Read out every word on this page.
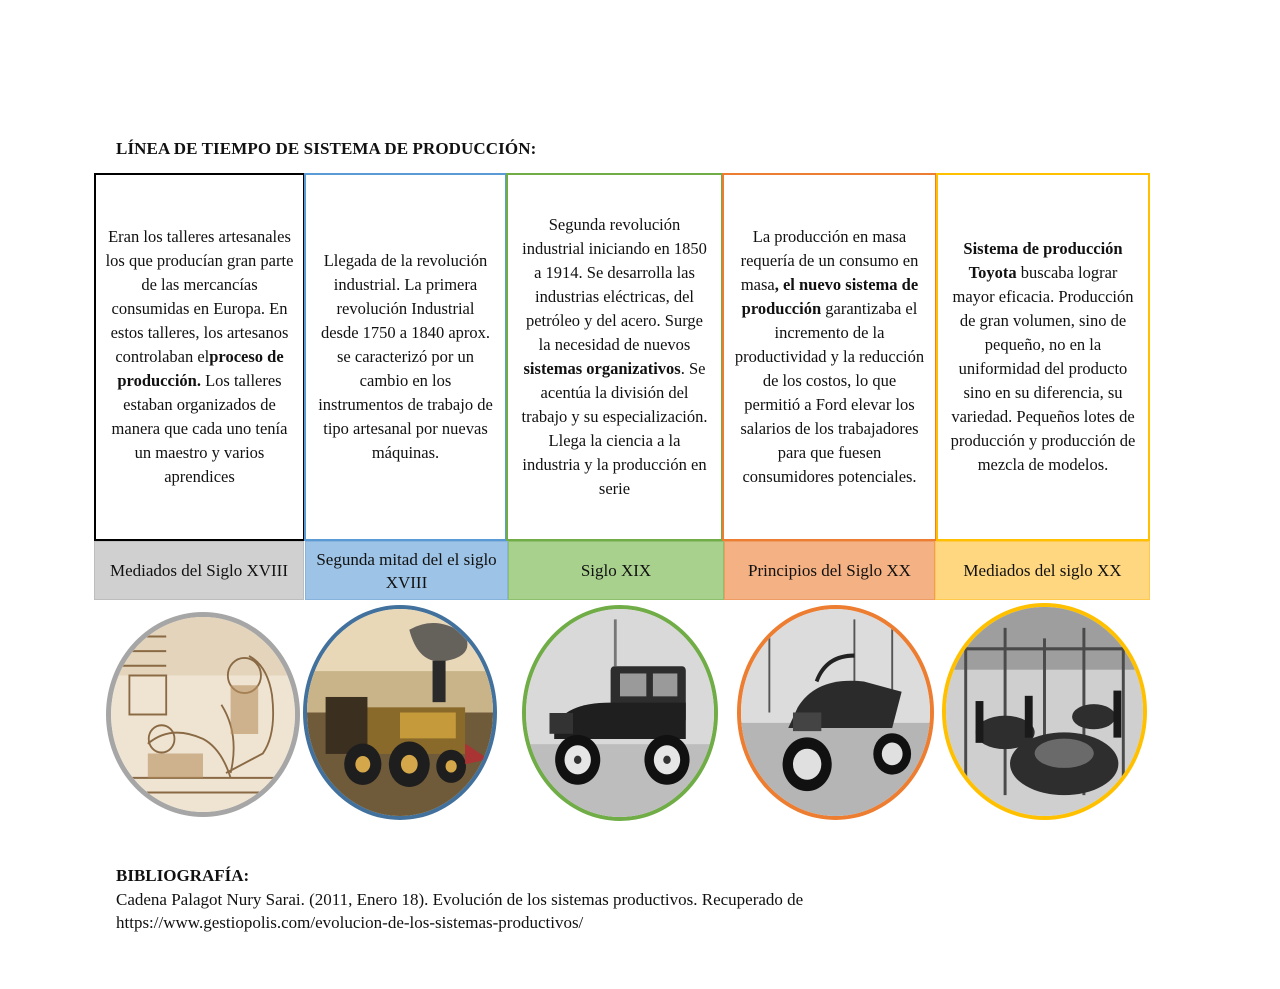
LÍNEA DE TIEMPO DE SISTEMA DE PRODUCCIÓN:
Eran los talleres artesanales los que producían gran parte de las mercancías consumidas en Europa. En estos talleres, los artesanos controlaban elproceso de producción. Los talleres estaban organizados de manera que cada uno tenía un maestro y varios aprendices
Llegada de la revolución industrial. La primera revolución Industrial desde 1750 a 1840 aprox. se caracterizó por un cambio en los instrumentos de trabajo de tipo artesanal por nuevas máquinas.
Segunda revolución industrial iniciando en 1850 a 1914. Se desarrolla las industrias eléctricas, del petróleo y del acero. Surge la necesidad de nuevos sistemas organizativos. Se acentúa la división del trabajo y su especialización. Llega la ciencia a la industria y la producción en serie
La producción en masa requería de un consumo en masa, el nuevo sistema de producción garantizaba el incremento de la productividad y la reducción de los costos, lo que permitió a Ford elevar los salarios de los trabajadores para que fuesen consumidores potenciales.
Sistema de producción Toyota buscaba lograr mayor eficacia. Producción de gran volumen, sino de pequeño, no en la uniformidad del producto sino en su diferencia, su variedad. Pequeños lotes de producción y producción de mezcla de modelos.
Mediados del Siglo XVIII
Segunda mitad del el siglo XVIII
Siglo XIX	Principios del Siglo XX	Mediados del siglo XX
BIBLIOGRAFÍA:
Cadena Palagot Nury Sarai. (2011, Enero 18). Evolución de los sistemas productivos. Recuperado de
https://www.gestiopolis.com/evolucion-de-los-sistemas-productivos/
